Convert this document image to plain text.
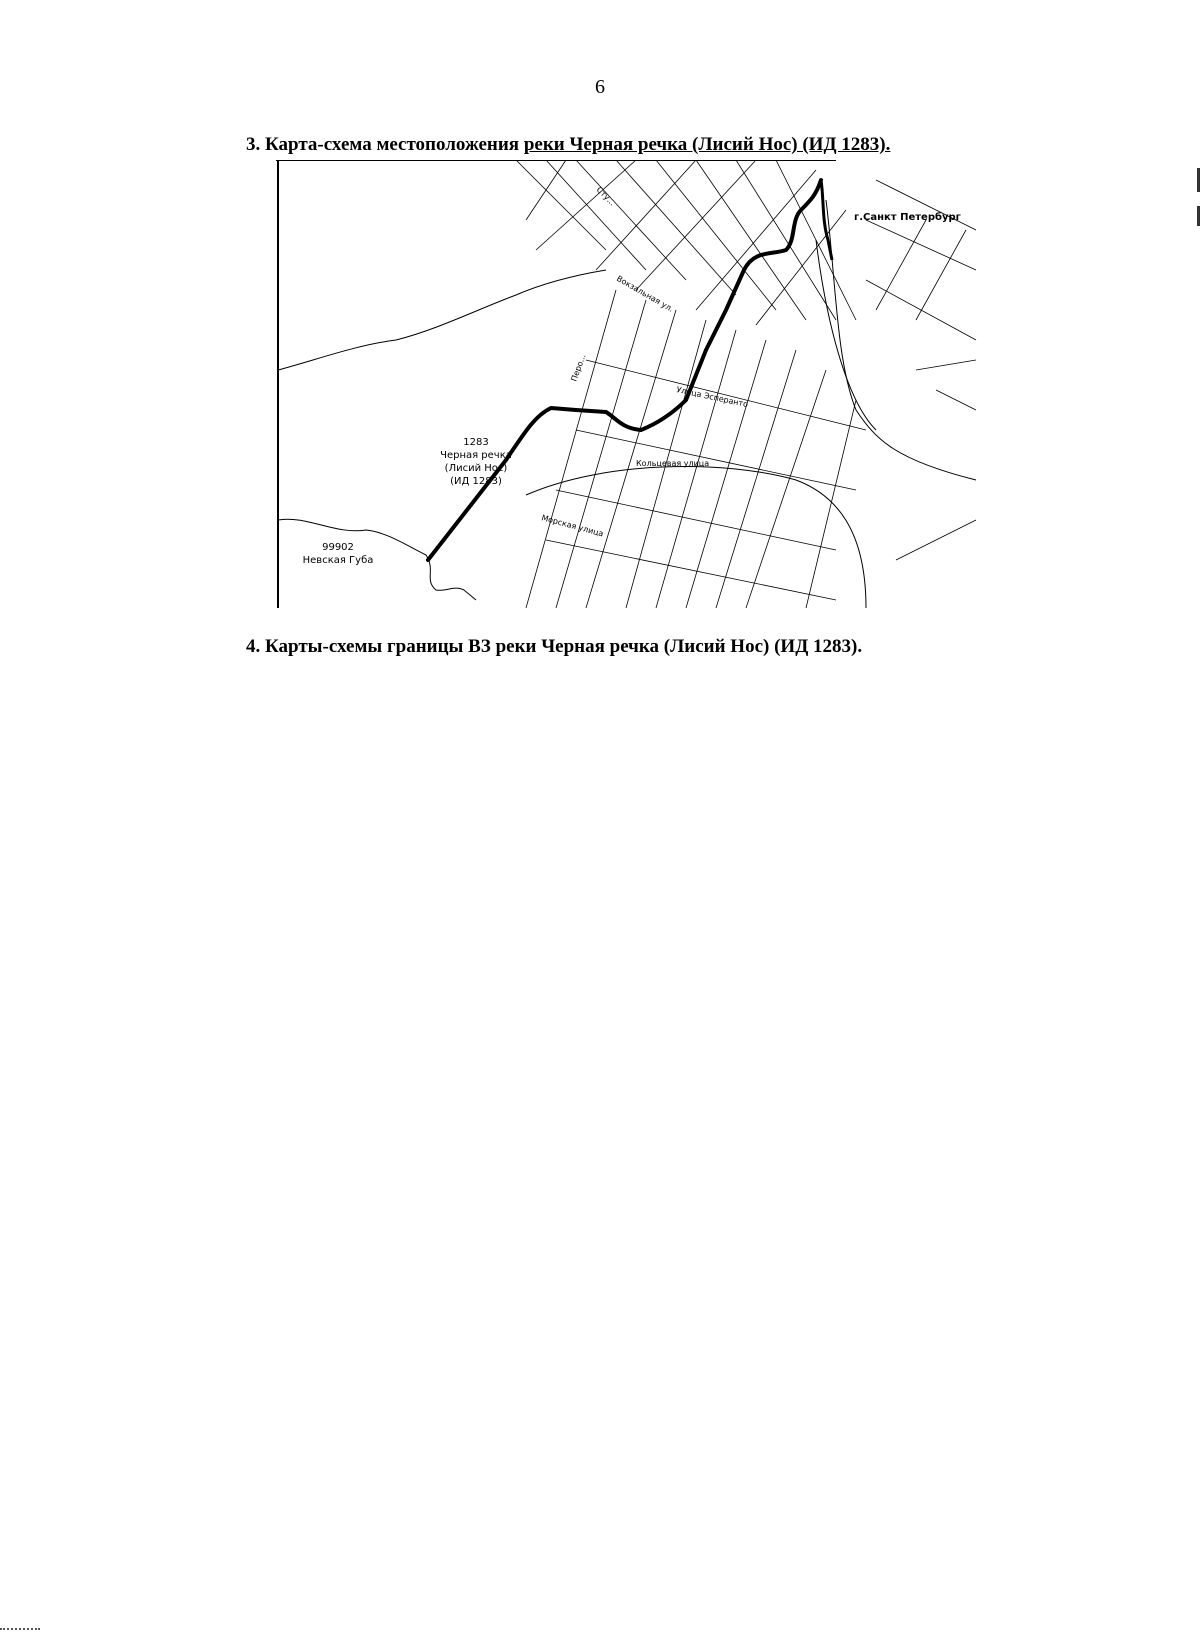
6
3. Карта-схема местоположения реки Черная речка (Лисий Нос) (ИД 1283).
1283
Черная речка
(Лисий Нос)
(ИД 1283)
99902
Невская Губа
г.Санкт Петербург
Сту...
Кольцевая улица
Улица Эсперанто
Морская улица
Перо...
Вокзальная ул.
4. Карты-схемы границы ВЗ реки Черная речка (Лисий Нос) (ИД 1283).
